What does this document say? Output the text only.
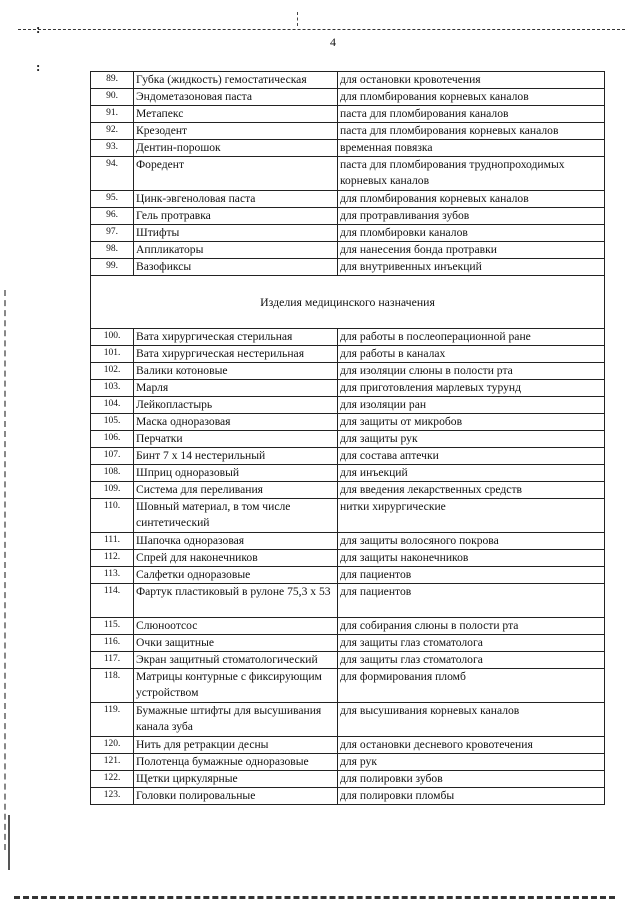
:
:
4
89.	Губка (жидкость) гемостатическая	для остановки кровотечения
90.	Эндометазоновая паста	для пломбирования корневых каналов
91.	Метапекс	паста для пломбирования каналов
92.	Крезодент	паста для пломбирования корневых каналов
93.	Дентин-порошок	временная повязка
94.	Форедент	паста для пломбирования труднопроходимых корневых каналов
95.	Цинк-эвгеноловая паста	для пломбирования корневых каналов
96.	Гель протравка	для протравливания зубов
97.	Штифты	для пломбировки каналов
98.	Аппликаторы	для нанесения бонда протравки
99.	Вазофиксы	для внутривенных инъекций
Изделия медицинского назначения		
100.	Вата хирургическая стерильная	для работы в послеоперационной ране
101.	Вата хирургическая нестерильная	для работы в каналах
102.	Валики котоновые	для изоляции слюны в полости рта
103.	Марля	для приготовления марлевых турунд
104.	Лейкопластырь	для изоляции ран
105.	Маска одноразовая	для защиты от микробов
106.	Перчатки	для защиты рук
107.	Бинт 7 х 14 нестерильный	для состава аптечки
108.	Шприц одноразовый	для инъекций
109.	Система для переливания	для введения лекарственных средств
110.	Шовный материал, в том числе синтетический	нитки хирургические
111.	Шапочка одноразовая	для защиты волосяного покрова
112.	Спрей для наконечников	для защиты наконечников
113.	Салфетки одноразовые	для пациентов
114.	Фартук пластиковый в рулоне 75,3 х 53	для пациентов
115.	Слюноотсос	для собирания слюны в полости рта
116.	Очки защитные	для защиты глаз стоматолога
117.	Экран защитный стоматологический	для защиты глаз стоматолога
118.	Матрицы контурные с фиксирующим устройством	для формирования пломб
119.	Бумажные штифты для высушивания канала зуба	для высушивания корневых каналов
120.	Нить для ретракции десны	для остановки десневого кровотечения
121.	Полотенца бумажные одноразовые	для рук
122.	Щетки циркулярные	для полировки зубов
123.	Головки полировальные	для полировки пломбы
